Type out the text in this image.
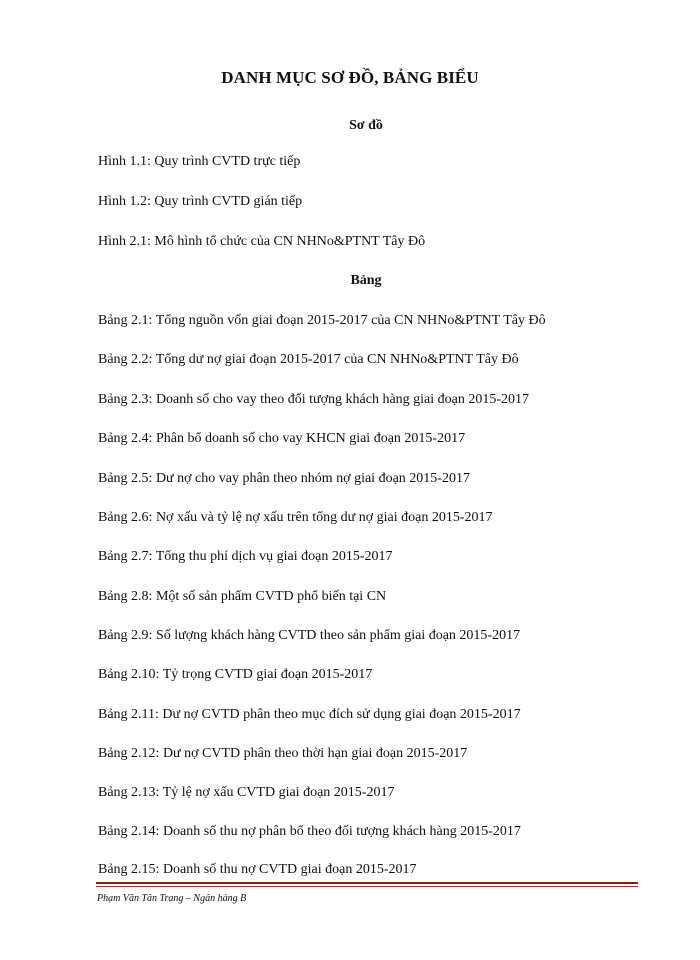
DANH MỤC SƠ ĐỒ, BẢNG BIỂU
Sơ đồ
Hình 1.1: Quy trình CVTD trực tiếp
Hình 1.2: Quy trình CVTD gián tiếp
Hình 2.1: Mô hình tổ chức của CN NHNo&PTNT Tây Đô
Bảng
Bảng 2.1: Tổng nguồn vốn giai đoạn 2015-2017 của CN NHNo&PTNT Tây Đô
Bảng 2.2: Tổng dư nợ giai đoạn 2015-2017 của CN NHNo&PTNT Tây Đô
Bảng 2.3: Doanh số cho vay theo đối tượng khách hàng giai đoạn 2015-2017
Bảng 2.4: Phân bổ doanh số cho vay KHCN giai đoạn 2015-2017
Bảng 2.5: Dư nợ cho vay phân theo nhóm nợ giai đoạn 2015-2017
Bảng 2.6: Nợ xấu và tỷ lệ nợ xấu trên tổng dư nợ giai đoạn 2015-2017
Bảng 2.7: Tổng thu phí dịch vụ giai đoạn 2015-2017
Bảng 2.8: Một số sản phẩm CVTD phổ biến tại CN
Bảng 2.9: Số lượng khách hàng CVTD theo sản phẩm giai đoạn 2015-2017
Bảng 2.10: Tỷ trọng CVTD giai đoạn 2015-2017
Bảng 2.11: Dư nợ CVTD phân theo mục đích sử dụng giai đoạn 2015-2017
Bảng 2.12: Dư nợ CVTD phân theo thời hạn giai đoạn 2015-2017
Bảng 2.13: Tỷ lệ nợ xấu CVTD giai đoạn 2015-2017
Bảng 2.14: Doanh số thu nợ phân bổ theo đối tượng khách hàng 2015-2017
Bảng 2.15: Doanh số thu nợ CVTD giai đoạn 2015-2017
Phạm Văn Tân Trang – Ngân hàng B
